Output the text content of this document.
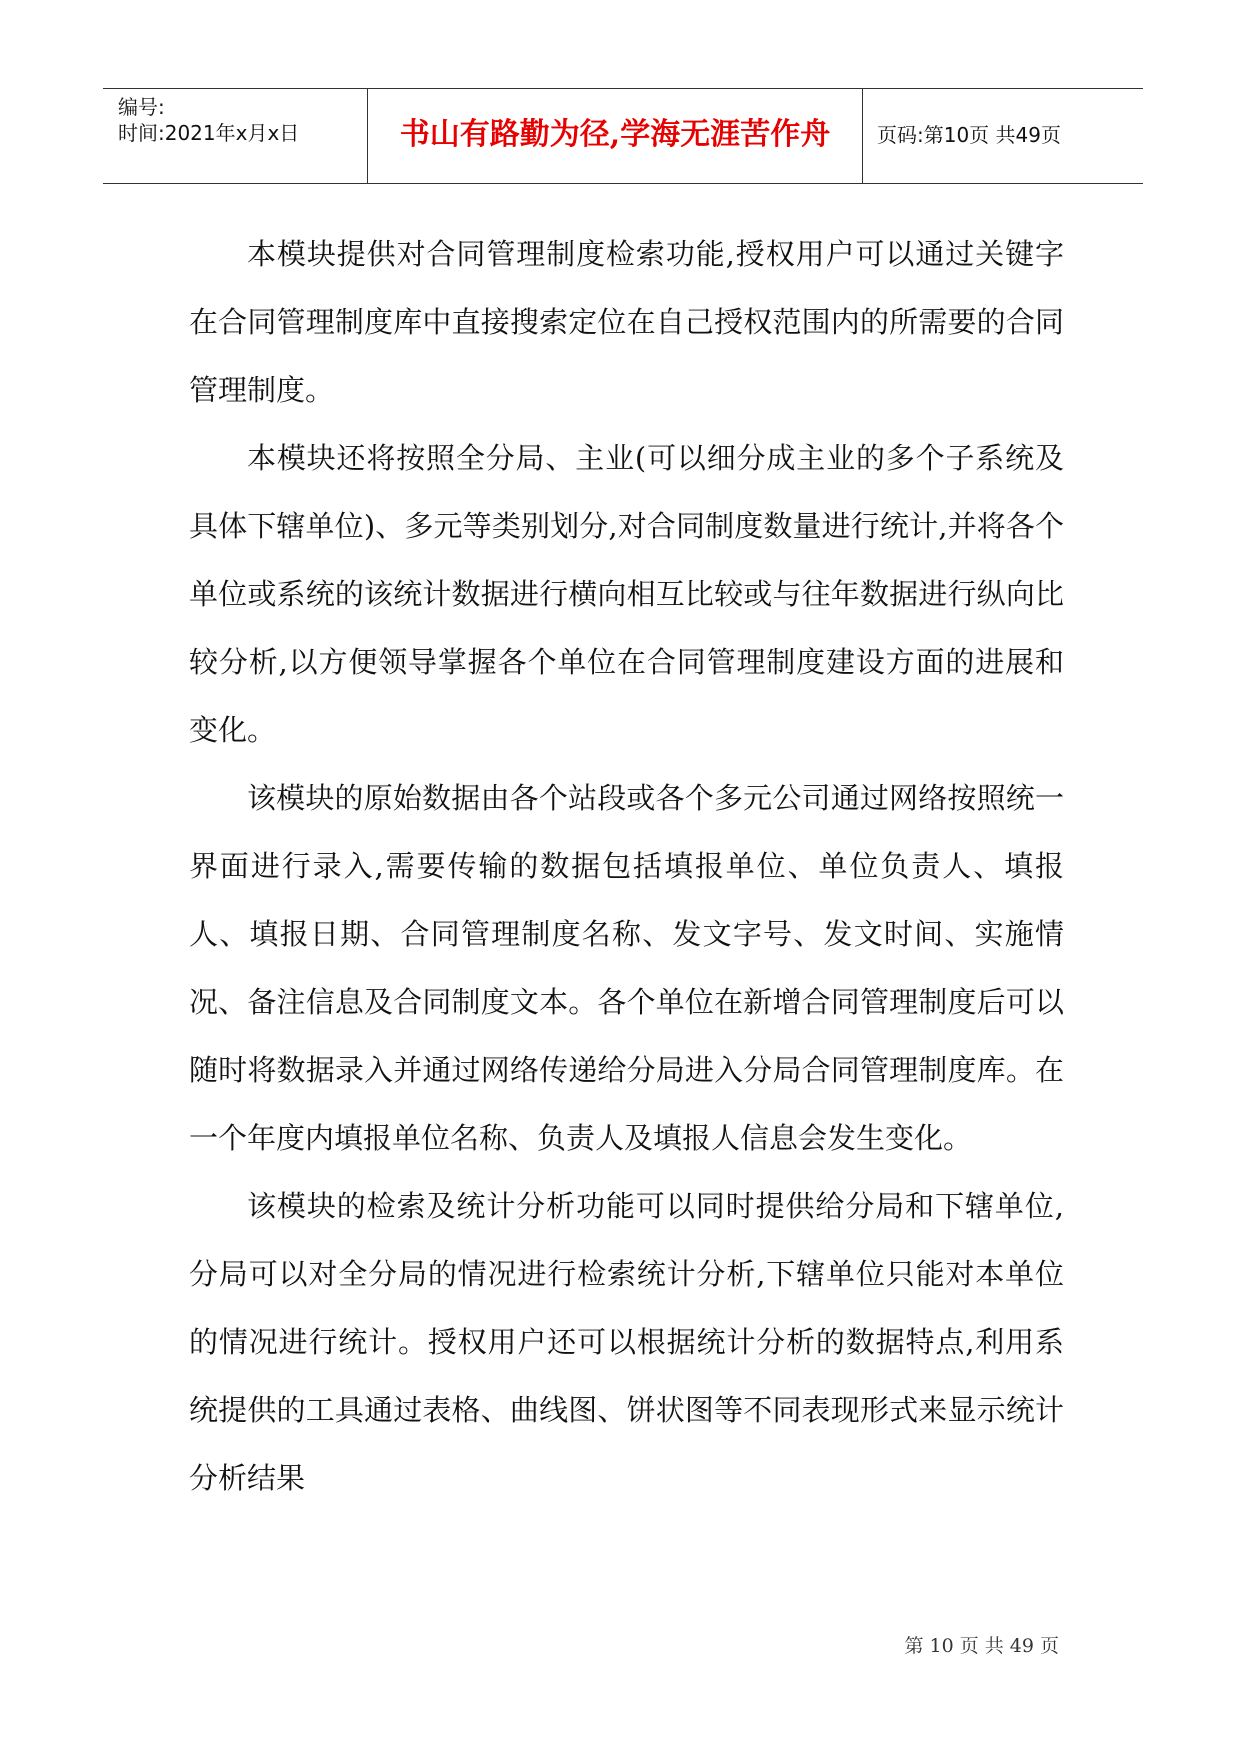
编号:
时间:2021年x月x日	书山有路勤为径,学海无涯苦作舟	页码:第10页 共49页

本模块提供对合同管理制度检索功能,授权用户可以通过关键字在合同管理制度库中直接搜索定位在自己授权范围内的所需要的合同管理制度。

本模块还将按照全分局、主业(可以细分成主业的多个子系统及具体下辖单位)、多元等类别划分,对合同制度数量进行统计,并将各个单位或系统的该统计数据进行横向相互比较或与往年数据进行纵向比较分析,以方便领导掌握各个单位在合同管理制度建设方面的进展和变化。

该模块的原始数据由各个站段或各个多元公司通过网络按照统一界面进行录入,需要传输的数据包括填报单位、单位负责人、填报人、填报日期、合同管理制度名称、发文字号、发文时间、实施情况、备注信息及合同制度文本。各个单位在新增合同管理制度后可以随时将数据录入并通过网络传递给分局进入分局合同管理制度库。在一个年度内填报单位名称、负责人及填报人信息会发生变化。

该模块的检索及统计分析功能可以同时提供给分局和下辖单位,分局可以对全分局的情况进行检索统计分析,下辖单位只能对本单位的情况进行统计。授权用户还可以根据统计分析的数据特点,利用系统提供的工具通过表格、曲线图、饼状图等不同表现形式来显示统计分析结果

第 10 页 共 49 页
